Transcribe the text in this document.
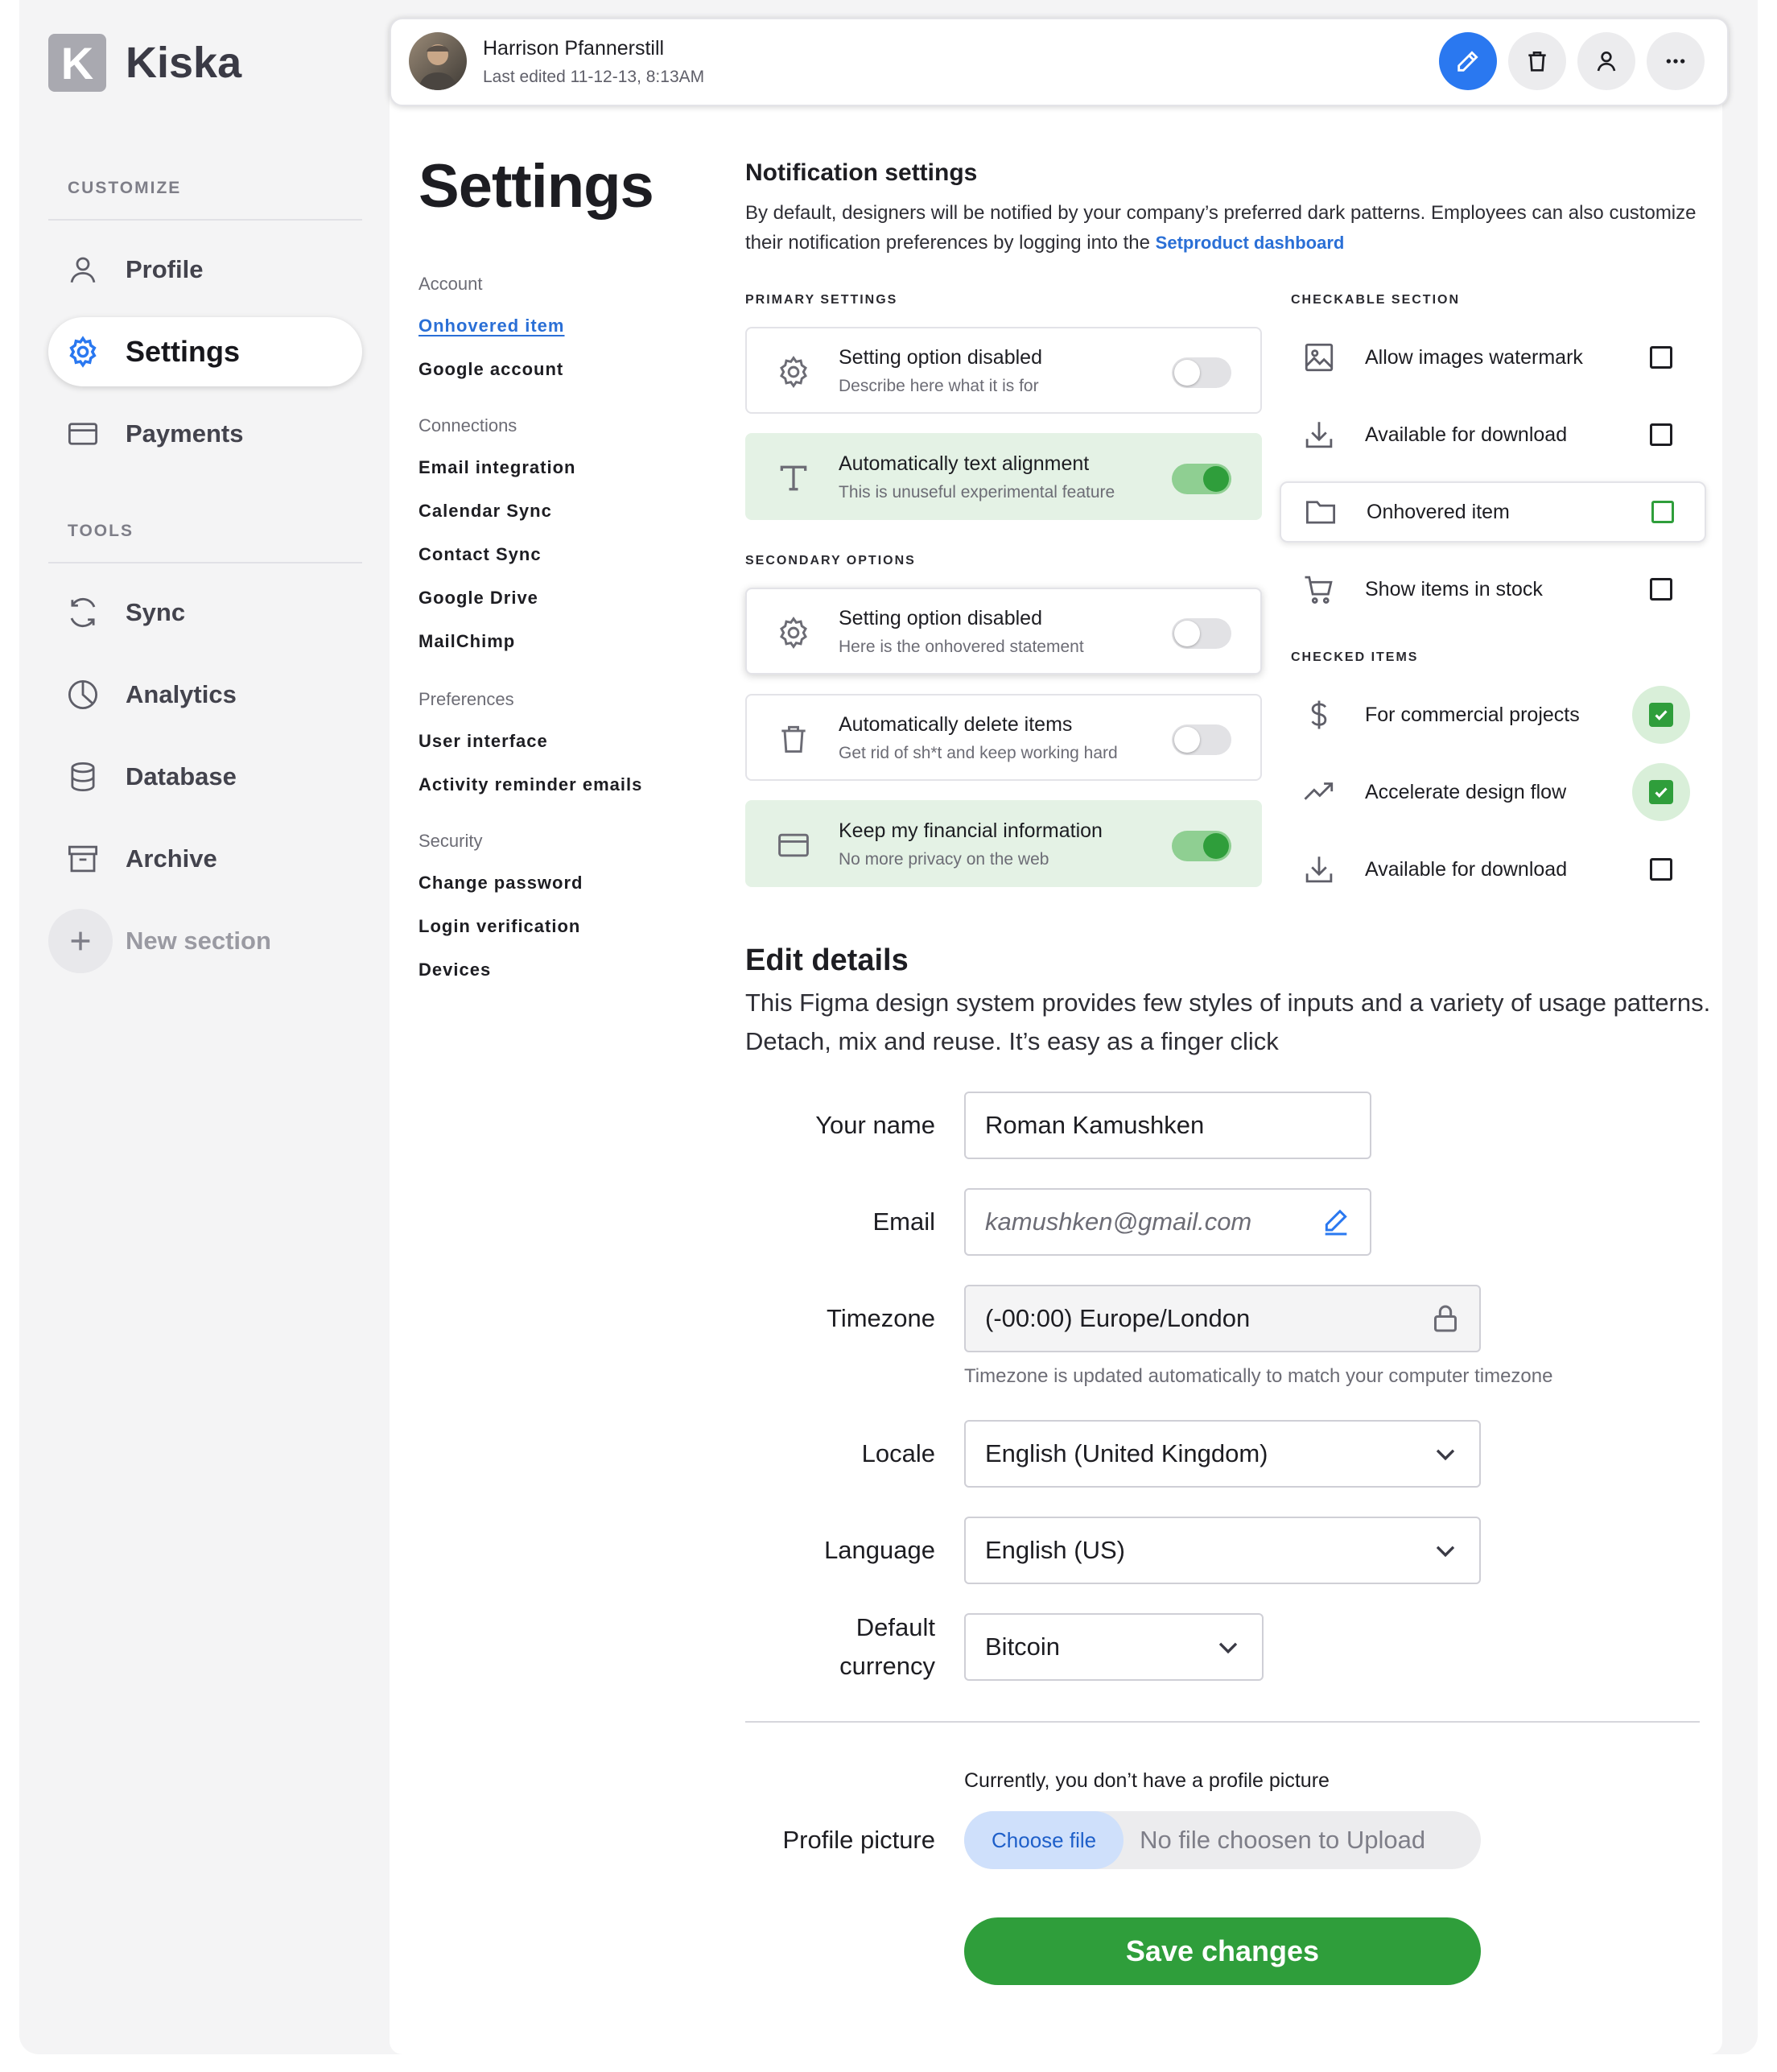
K Kiska
CUSTOMIZE
Profile
Settings
Payments
TOOLS
Sync
Analytics
Database
Archive
New section
Harrison Pfannerstill
Last edited 11-12-13, 8:13AM
Settings
Account
Onhovered item
Google account
Connections
Email integration
Calendar Sync
Contact Sync
Google Drive
MailChimp
Preferences
User interface
Activity reminder emails
Security
Change password
Login verification
Devices
Notification settings
By default, designers will be notified by your company’s preferred dark patterns. Employees can also customize their notification preferences by logging into the Setproduct dashboard
PRIMARY SETTINGS
Setting option disabled
Describe here what it is for
Automatically text alignment
This is unuseful experimental feature
SECONDARY OPTIONS
Setting option disabled
Here is the onhovered statement
Automatically delete items
Get rid of sh*t and keep working hard
Keep my financial information
No more privacy on the web
CHECKABLE SECTION
Allow images watermark
Available for download
Onhovered item
Show items in stock
CHECKED ITEMS
For commercial projects
Accelerate design flow
Available for download
Edit details
This Figma design system provides few styles of inputs and a variety of usage patterns. Detach, mix and reuse. It’s easy as a finger click
Your name Roman Kamushken
Email kamushken@gmail.com
Timezone (-00:00) Europe/London
Timezone is updated automatically to match your computer timezone
Locale English (United Kingdom)
Language English (US)
Default
currency
Bitcoin
Currently, you don’t have a profile picture
Profile picture	Choose file	No file choosen to Upload
Save changes
